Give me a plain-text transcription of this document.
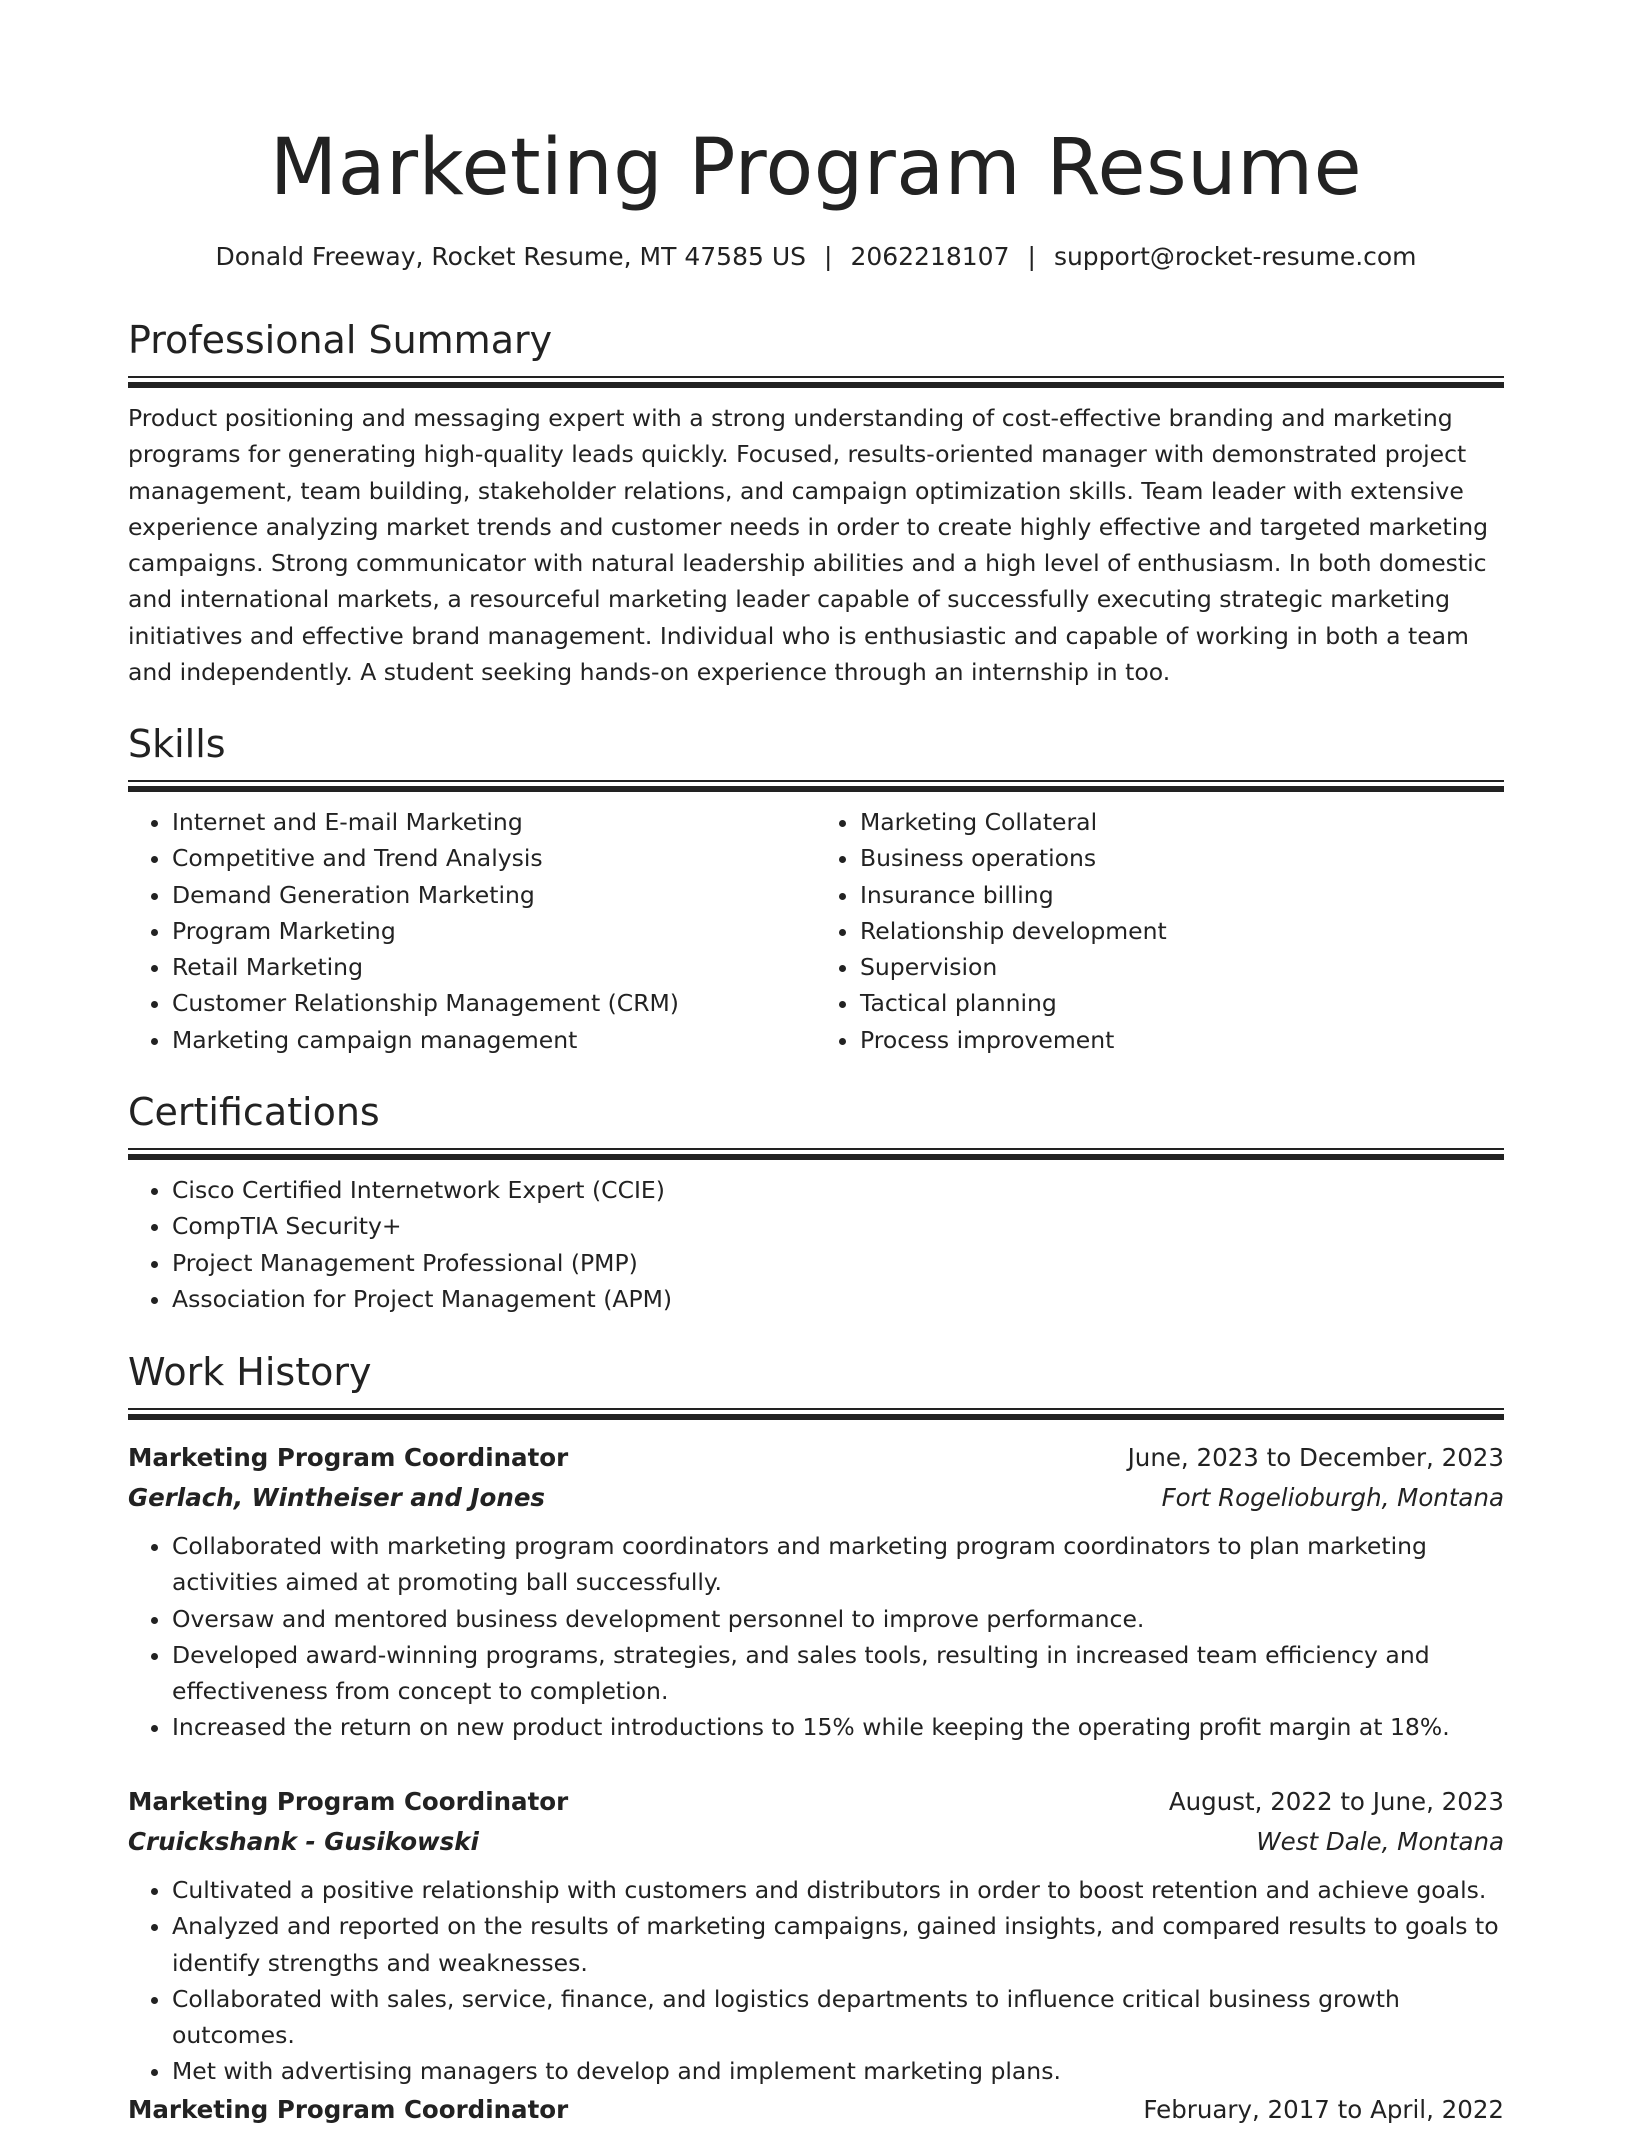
Marketing Program Resume
Donald Freeway, Rocket Resume, MT 47585 US | 2062218107 | support@rocket-resume.com
Professional Summary
Product positioning and messaging expert with a strong understanding of cost-effective branding and marketing programs for generating high-quality leads quickly. Focused, results-oriented manager with demonstrated project management, team building, stakeholder relations, and campaign optimization skills. Team leader with extensive experience analyzing market trends and customer needs in order to create highly effective and targeted marketing campaigns. Strong communicator with natural leadership abilities and a high level of enthusiasm. In both domestic and international markets, a resourceful marketing leader capable of successfully executing strategic marketing initiatives and effective brand management. Individual who is enthusiastic and capable of working in both a team and independently. A student seeking hands-on experience through an internship in too.
Skills
• Internet and E-mail Marketing
• Competitive and Trend Analysis
• Demand Generation Marketing
• Program Marketing
• Retail Marketing
• Customer Relationship Management (CRM)
• Marketing campaign management
• Marketing Collateral
• Business operations
• Insurance billing
• Relationship development
• Supervision
• Tactical planning
• Process improvement
Certifications
• Cisco Certified Internetwork Expert (CCIE)
• CompTIA Security+
• Project Management Professional (PMP)
• Association for Project Management (APM)
Work History
Marketing Program Coordinator	June, 2023 to December, 2023
Gerlach, Wintheiser and Jones	Fort Rogelioburgh, Montana
• Collaborated with marketing program coordinators and marketing program coordinators to plan marketing activities aimed at promoting ball successfully.
• Oversaw and mentored business development personnel to improve performance.
• Developed award-winning programs, strategies, and sales tools, resulting in increased team efficiency and effectiveness from concept to completion.
• Increased the return on new product introductions to 15% while keeping the operating profit margin at 18%.
Marketing Program Coordinator	August, 2022 to June, 2023
Cruickshank - Gusikowski	West Dale, Montana
• Cultivated a positive relationship with customers and distributors in order to boost retention and achieve goals.
• Analyzed and reported on the results of marketing campaigns, gained insights, and compared results to goals to identify strengths and weaknesses.
• Collaborated with sales, service, finance, and logistics departments to influence critical business growth outcomes.
• Met with advertising managers to develop and implement marketing plans.
Marketing Program Coordinator	February, 2017 to April, 2022
